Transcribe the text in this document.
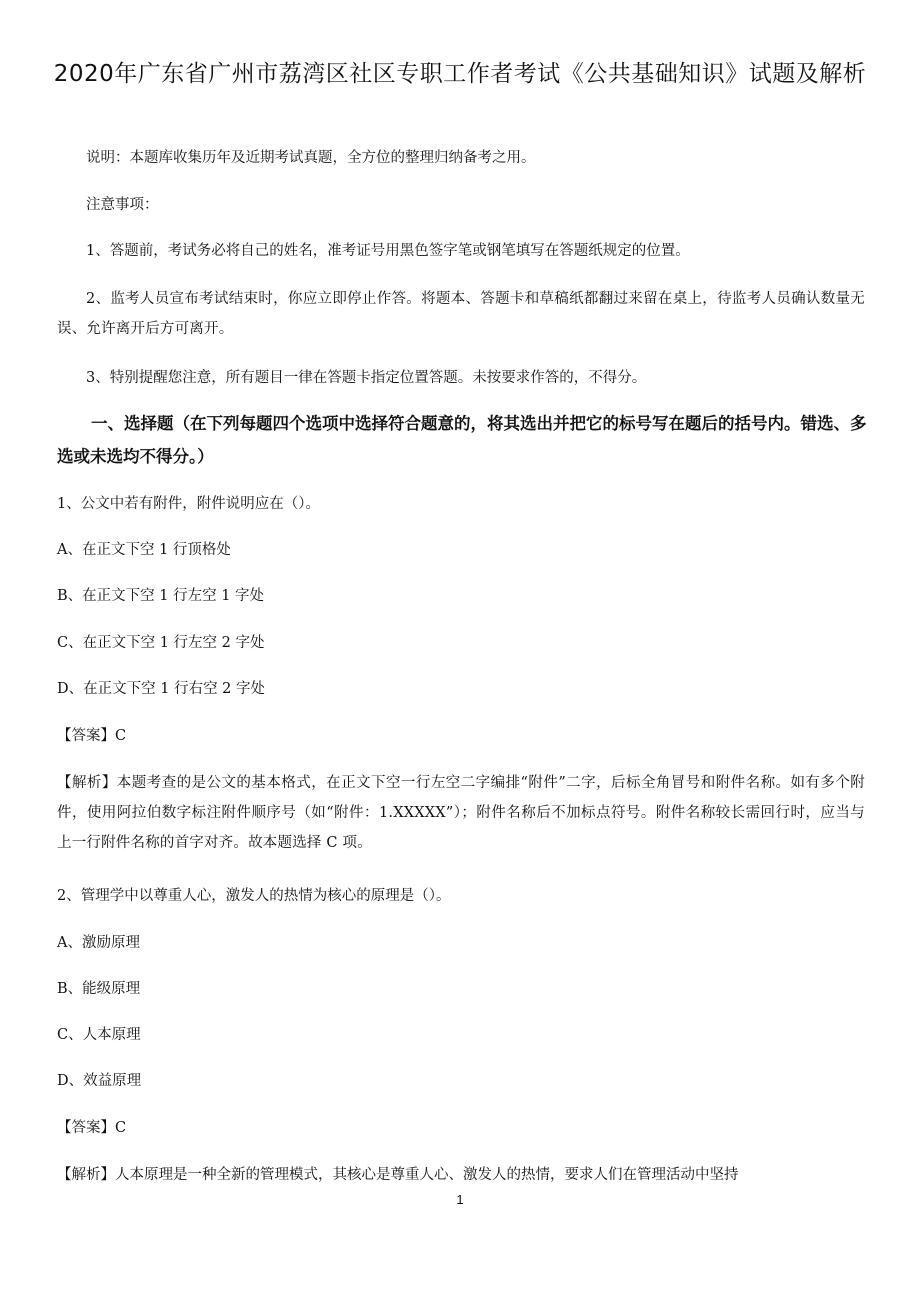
2020年广东省广州市荔湾区社区专职工作者考试《公共基础知识》试题及解析
说明：本题库收集历年及近期考试真题，全方位的整理归纳备考之用。
注意事项：
1、答题前，考试务必将自己的姓名，准考证号用黑色签字笔或钢笔填写在答题纸规定的位置。
2、监考人员宣布考试结束时，你应立即停止作答。将题本、答题卡和草稿纸都翻过来留在桌上，待监考人员确认数量无误、允许离开后方可离开。
3、特别提醒您注意，所有题目一律在答题卡指定位置答题。未按要求作答的，不得分。
一、选择题（在下列每题四个选项中选择符合题意的，将其选出并把它的标号写在题后的括号内。错选、多选或未选均不得分。）
1、公文中若有附件，附件说明应在（）。
A、在正文下空 1 行顶格处
B、在正文下空 1 行左空 1 字处
C、在正文下空 1 行左空 2 字处
D、在正文下空 1 行右空 2 字处
【答案】C
【解析】本题考查的是公文的基本格式，在正文下空一行左空二字编排“附件”二字，后标全角冒号和附件名称。如有多个附件，使用阿拉伯数字标注附件顺序号（如“附件：1.XXXXX”）；附件名称后不加标点符号。附件名称较长需回行时，应当与上一行附件名称的首字对齐。故本题选择 C 项。
2、管理学中以尊重人心，激发人的热情为核心的原理是（）。
A、激励原理
B、能级原理
C、人本原理
D、效益原理
【答案】C
【解析】人本原理是一种全新的管理模式，其核心是尊重人心、激发人的热情，要求人们在管理活动中坚持
1
